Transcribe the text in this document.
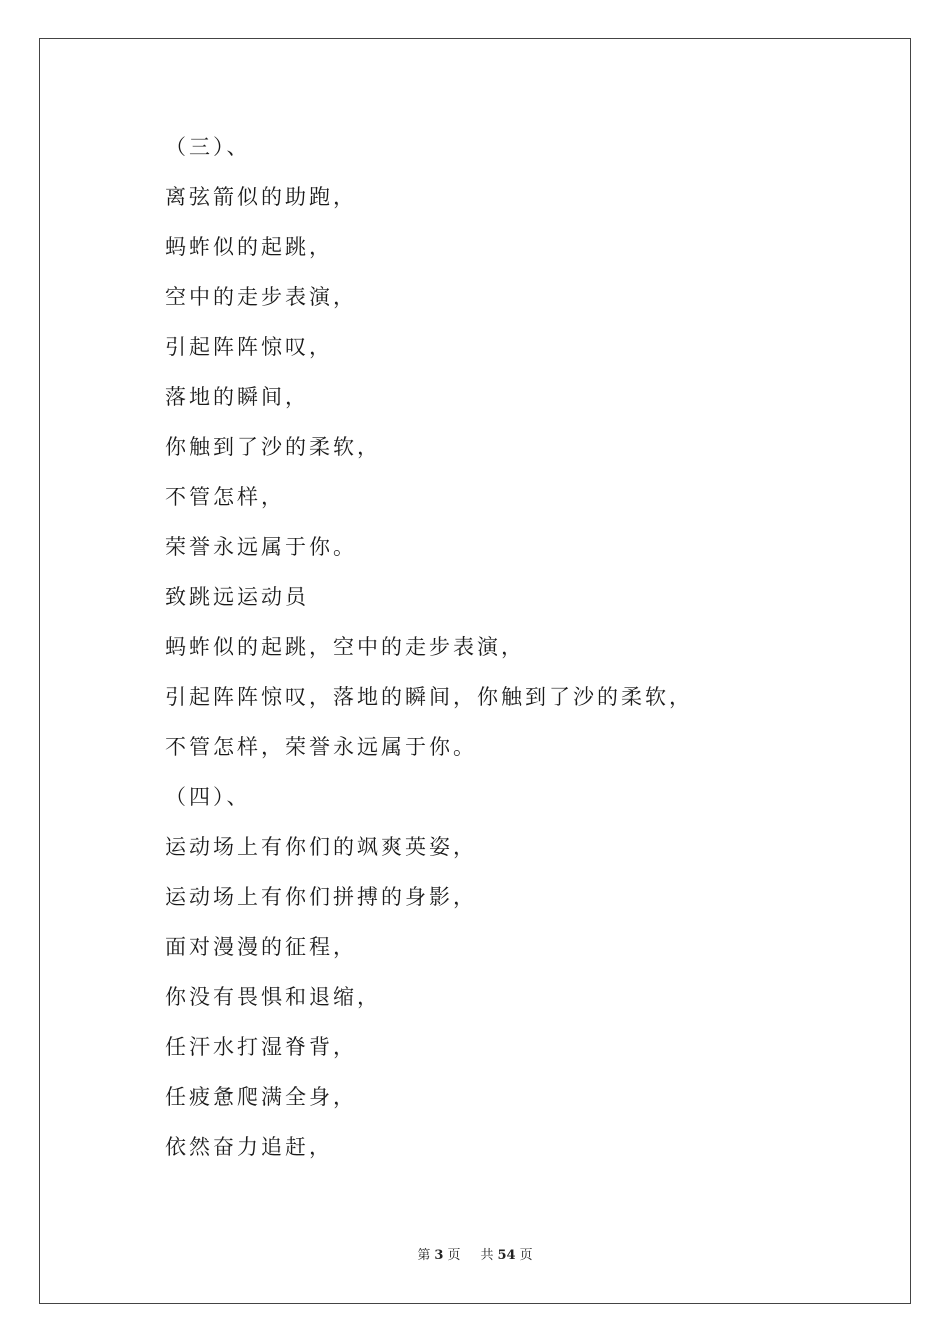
（三）、
离弦箭似的助跑，
蚂蚱似的起跳，
空中的走步表演，
引起阵阵惊叹，
落地的瞬间，
你触到了沙的柔软，
不管怎样，
荣誉永远属于你。
致跳远运动员
蚂蚱似的起跳，空中的走步表演，
引起阵阵惊叹，落地的瞬间，你触到了沙的柔软，
不管怎样，荣誉永远属于你。
（四）、
运动场上有你们的飒爽英姿，
运动场上有你们拼搏的身影，
面对漫漫的征程，
你没有畏惧和退缩，
任汗水打湿脊背，
任疲惫爬满全身，
依然奋力追赶，
第 3 页 共 54 页
